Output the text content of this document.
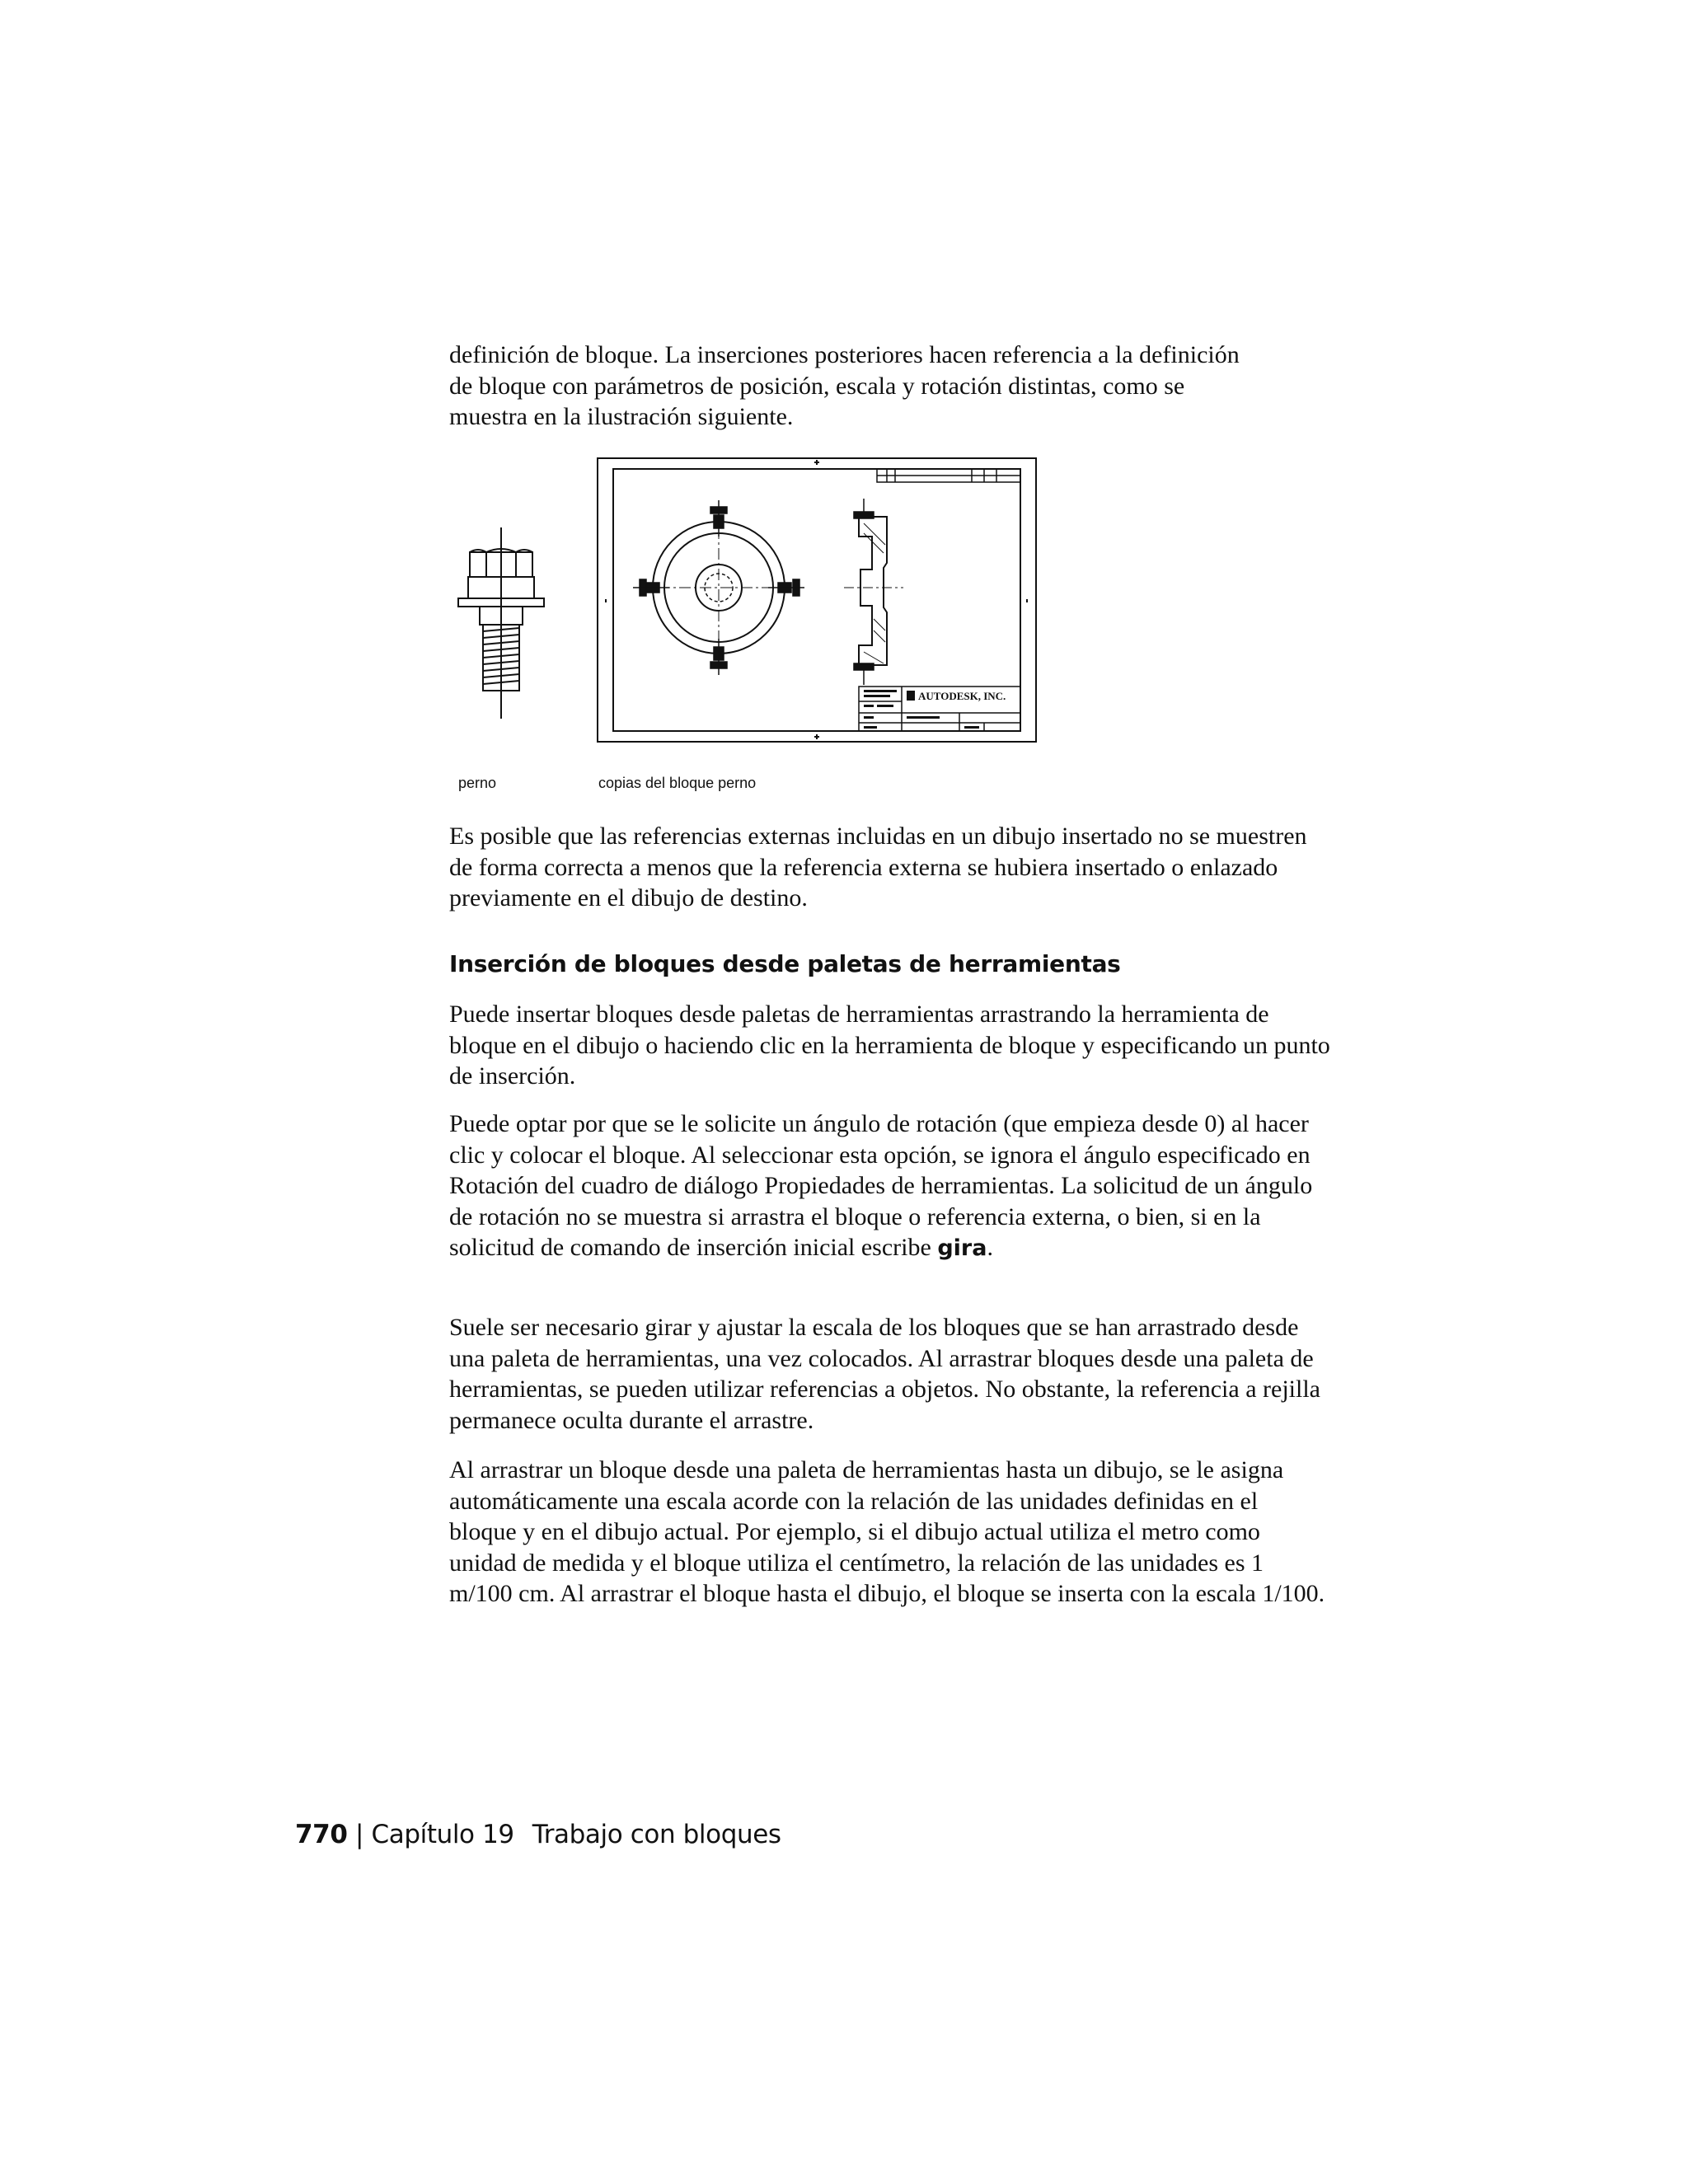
definición de bloque. La inserciones posteriores hacen referencia a la definición
de bloque con parámetros de posición, escala y rotación distintas, como se
muestra en la ilustración siguiente.

AUTODESK, INC.
perno	copias del bloque perno

Es posible que las referencias externas incluidas en un dibujo insertado no se muestren de forma correcta a menos que la referencia externa se hubiera insertado o enlazado previamente en el dibujo de destino.

Inserción de bloques desde paletas de herramientas

Puede insertar bloques desde paletas de herramientas arrastrando la herramienta de bloque en el dibujo o haciendo clic en la herramienta de bloque y especificando un punto de inserción.

Puede optar por que se le solicite un ángulo de rotación (que empieza desde 0) al hacer clic y colocar el bloque. Al seleccionar esta opción, se ignora el ángulo especificado en Rotación del cuadro de diálogo Propiedades de herramientas. La solicitud de un ángulo de rotación no se muestra si arrastra el bloque o referencia externa, o bien, si en la solicitud de comando de inserción inicial escribe gira.

Suele ser necesario girar y ajustar la escala de los bloques que se han arrastrado desde una paleta de herramientas, una vez colocados. Al arrastrar bloques desde una paleta de herramientas, se pueden utilizar referencias a objetos. No obstante, la referencia a rejilla permanece oculta durante el arrastre.

Al arrastrar un bloque desde una paleta de herramientas hasta un dibujo, se le asigna automáticamente una escala acorde con la relación de las unidades definidas en el bloque y en el dibujo actual. Por ejemplo, si el dibujo actual utiliza el metro como unidad de medida y el bloque utiliza el centímetro, la relación de las unidades es 1 m/100 cm. Al arrastrar el bloque hasta el dibujo, el bloque se inserta con la escala 1/100.

770 | Capítulo 19 Trabajo con bloques
